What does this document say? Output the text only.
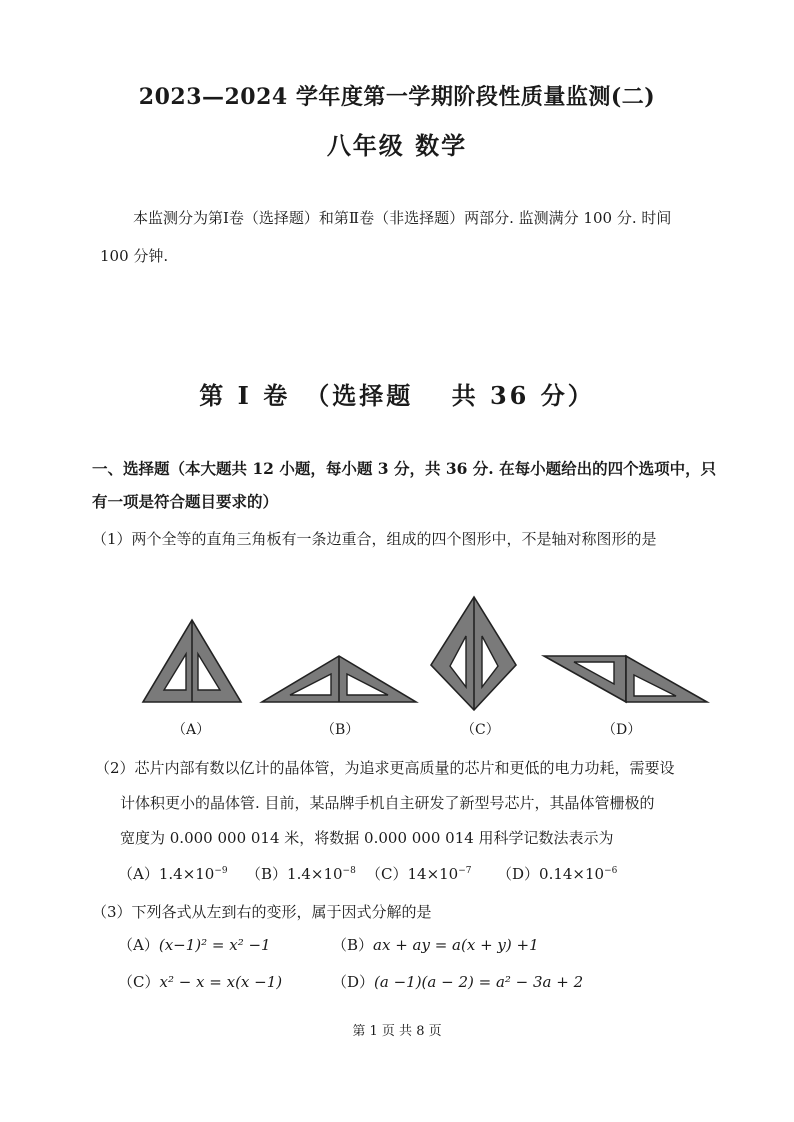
2023—2024 学年度第一学期阶段性质量监测(二)
八年级 数学
本监测分为第Ⅰ卷（选择题）和第Ⅱ卷（非选择题）两部分. 监测满分 100 分. 时间
100 分钟.
第 Ⅰ 卷　（选择题　 共 36 分）
一、选择题（本大题共 12 小题，每小题 3 分，共 36 分. 在每小题给出的四个选项中，只
有一项是符合题目要求的）
（1）两个全等的直角三角板有一条边重合，组成的四个图形中，不是轴对称图形的是
（A）	（B）	（C）	（D）
（2）芯片内部有数以亿计的晶体管，为追求更高质量的芯片和更低的电力功耗，需要设
计体积更小的晶体管. 目前，某品牌手机自主研发了新型号芯片，其晶体管栅极的
宽度为 0.000 000 014 米，将数据 0.000 000 014 用科学记数法表示为
$(A)1.4\times 10^{-9}$ $(B)1.4\times 10^{-8}$ $(C)14\times 10^{-7}$ $(D)0.14\times 10^{-6}$
（3）下列各式从左到右的变形，属于因式分解的是
（A）(x−1)² = x² −1	（B）ax + ay = a(x + y) +1
（C）x² − x = x(x −1)	（D）(a −1)(a − 2) = a² − 3a + 2
第 1 页 共 8 页
